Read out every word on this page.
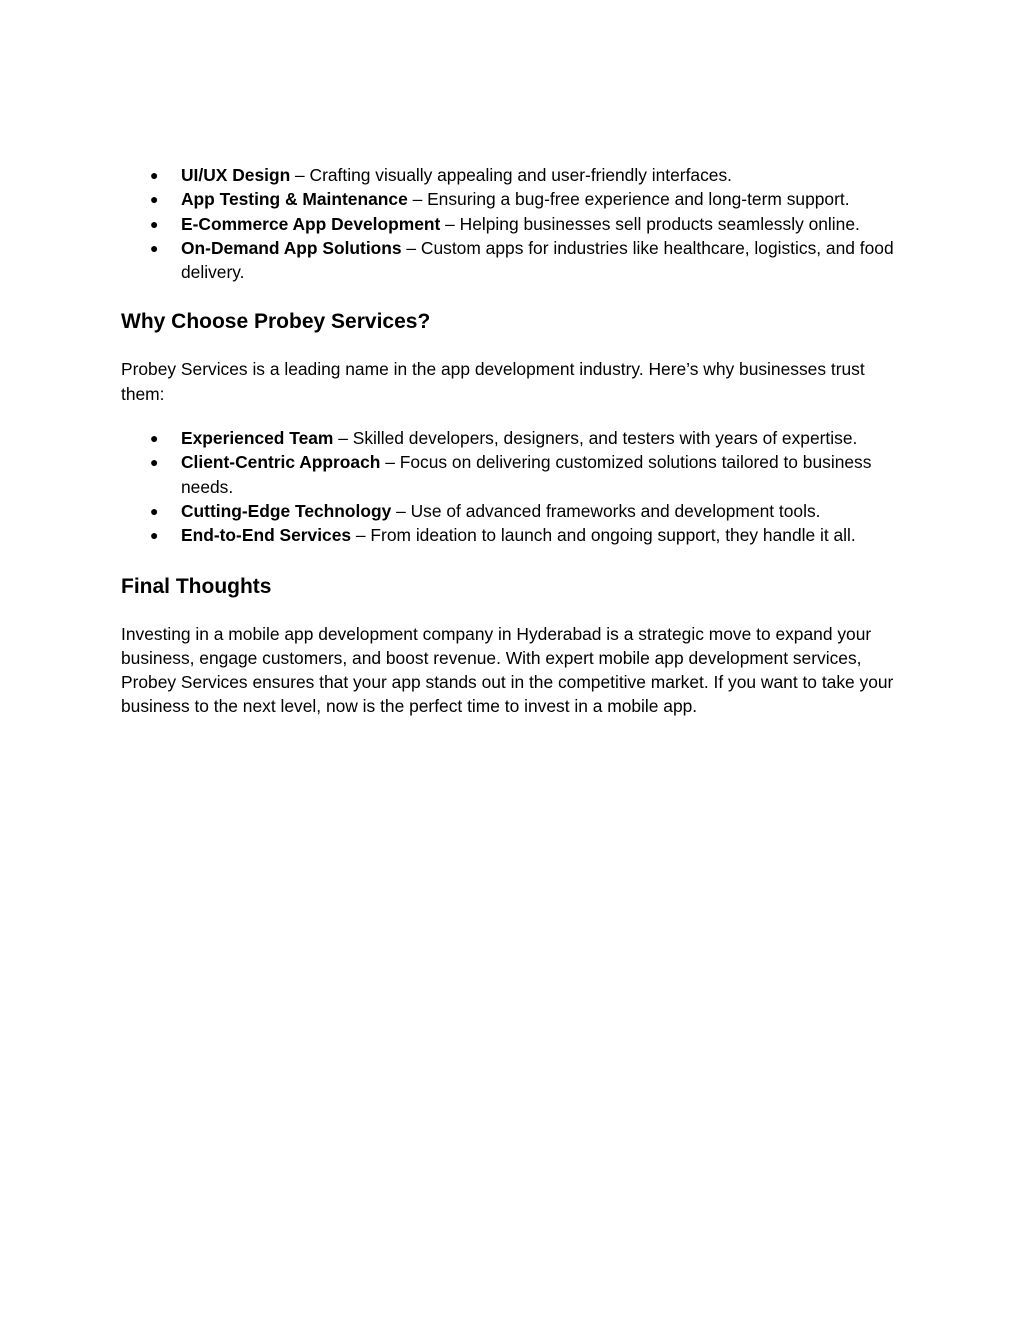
● UI/UX Design – Crafting visually appealing and user-friendly interfaces.
● App Testing & Maintenance – Ensuring a bug-free experience and long-term support.
● E-Commerce App Development – Helping businesses sell products seamlessly online.
● On-Demand App Solutions – Custom apps for industries like healthcare, logistics, and food delivery.
Why Choose Probey Services?

Probey Services is a leading name in the app development industry. Here’s why businesses trust them:

● Experienced Team – Skilled developers, designers, and testers with years of expertise.
● Client-Centric Approach – Focus on delivering customized solutions tailored to business needs.
● Cutting-Edge Technology – Use of advanced frameworks and development tools.
● End-to-End Services – From ideation to launch and ongoing support, they handle it all.
Final Thoughts

Investing in a mobile app development company in Hyderabad is a strategic move to expand your business, engage customers, and boost revenue. With expert mobile app development services, Probey Services ensures that your app stands out in the competitive market. If you want to take your business to the next level, now is the perfect time to invest in a mobile app.
